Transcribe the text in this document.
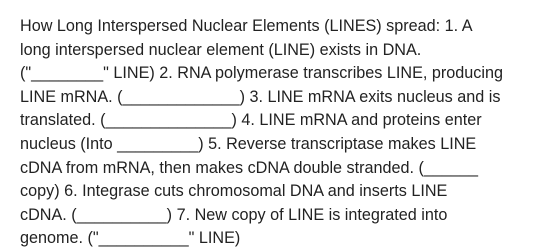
How Long Interspersed Nuclear Elements (LINES) spread: 1. A
long interspersed nuclear element (LINE) exists in DNA.
("________" LINE) 2. RNA polymerase transcribes LINE, producing
LINE mRNA. (_____________) 3. LINE mRNA exits nucleus and is
translated. (______________) 4. LINE mRNA and proteins enter
nucleus (Into _________) 5. Reverse transcriptase makes LINE
cDNA from mRNA, then makes cDNA double stranded. (______
copy) 6. Integrase cuts chromosomal DNA and inserts LINE
cDNA. (__________) 7. New copy of LINE is integrated into
genome. ("__________" LINE)
